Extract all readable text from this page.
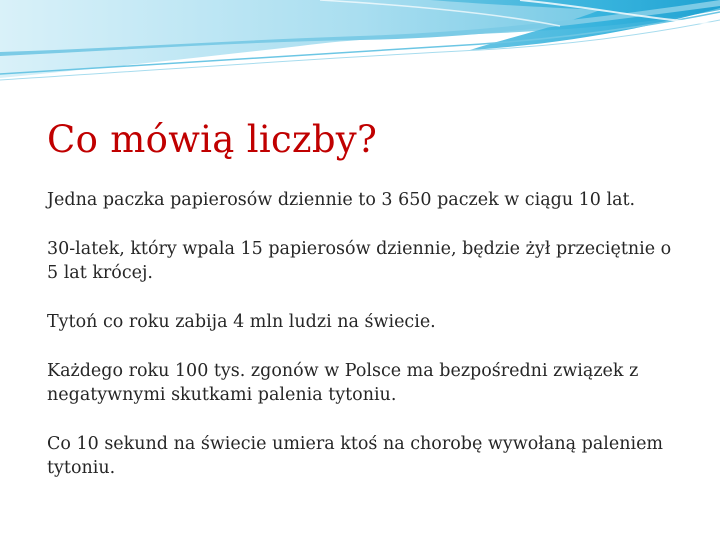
Co mówią liczby?
Jedna paczka papierosów dziennie to 3 650 paczek w ciągu 10 lat.
30-latek, który wpala 15 papierosów dziennie, będzie żył przeciętnie o 5 lat krócej.
Tytoń co roku zabija 4 mln ludzi na świecie.
Każdego roku 100 tys. zgonów w Polsce ma bezpośredni związek z negatywnymi skutkami palenia tytoniu.
Co 10 sekund na świecie umiera ktoś na chorobę wywołaną paleniem tytoniu.
